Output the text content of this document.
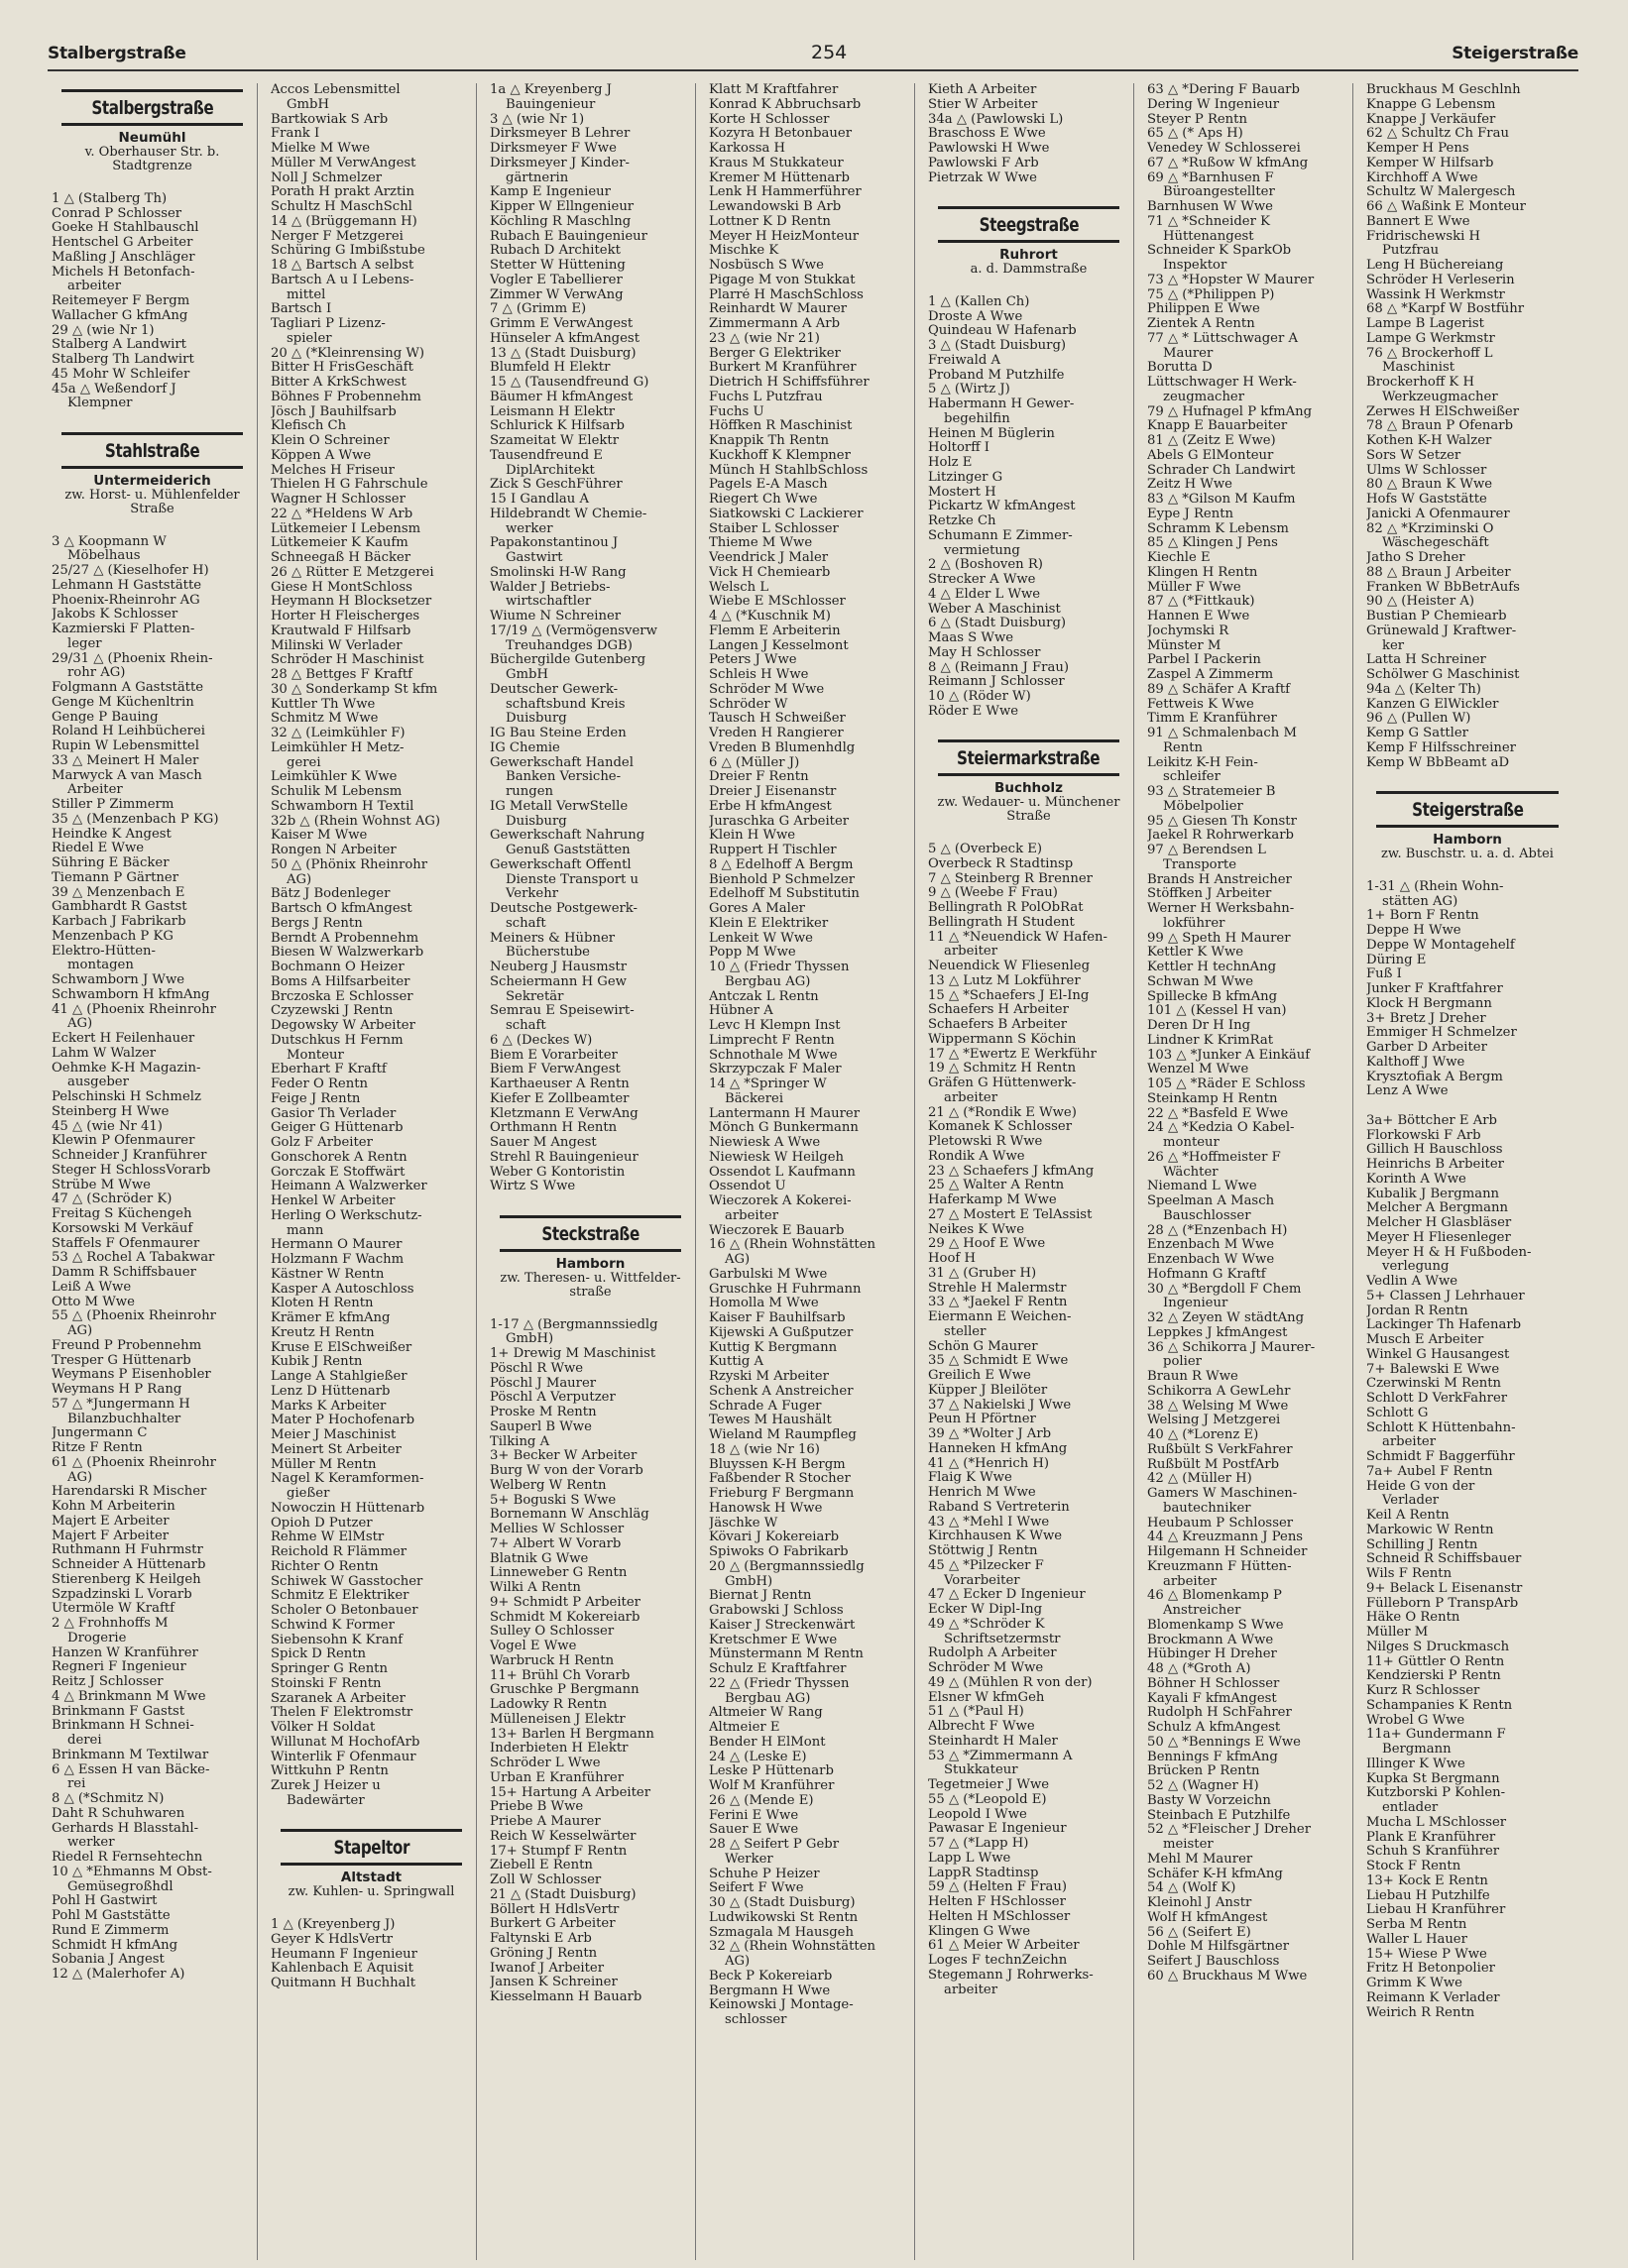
Stalbergstraße	254	Steigerstraße
Stalbergstraße
Neumühl
v. Oberhauser Str. b. Stadtgrenze
1 △ (Stalberg Th)
Conrad P Schlosser
Goeke H Stahlbauschl
Hentschel G Arbeiter
Maßling J Anschläger
Michels H Betonfach-
arbeiter
Reitemeyer F Bergm
Wallacher G kfmAng
29 △ (wie Nr 1)
Stalberg A Landwirt
Stalberg Th Landwirt
45 Mohr W Schleifer
45a △ Weßendorf J
Klempner
Stahlstraße
Untermeiderich
zw. Horst- u. Mühlenfelder Straße
3 △ Koopmann W
Möbelhaus
25/27 △ (Kieselhofer H)
Lehmann H Gaststätte
Phoenix-Rheinrohr AG
Jakobs K Schlosser
Kazmierski F Platten-
leger
29/31 △ (Phoenix Rhein-
rohr AG)
Folgmann A Gaststätte
Genge M Küchenltrin
Genge P Bauing
Roland H Leihbücherei
Rupin W Lebensmittel
33 △ Meinert H Maler
Marwyck A van Masch
Arbeiter
Stiller P Zimmerm
35 △ (Menzenbach P KG)
Heindke K Angest
Riedel E Wwe
Sühring E Bäcker
Tiemann P Gärtner
39 △ Menzenbach E
Gambhardt R Gastst
Karbach J Fabrikarb
Menzenbach P KG
Elektro-Hütten-
montagen
Schwamborn J Wwe
Schwamborn H kfmAng
41 △ (Phoenix Rheinrohr
AG)
Eckert H Feilenhauer
Lahm W Walzer
Oehmke K-H Magazin-
ausgeber
Pelschinski H Schmelz
Steinberg H Wwe
45 △ (wie Nr 41)
Klewin P Ofenmaurer
Schneider J Kranführer
Steger H SchlossVorarb
Strübe M Wwe
47 △ (Schröder K)
Freitag S Küchengeh
Korsowski M Verkäuf
Staffels F Ofenmaurer
53 △ Rochel A Tabakwar
Damm R Schiffsbauer
Leiß A Wwe
Otto M Wwe
55 △ (Phoenix Rheinrohr
AG)
Freund P Probennehm
Tresper G Hüttenarb
Weymans P Eisenhobler
Weymans H P Rang
57 △ *Jungermann H
Bilanzbuchhalter
Jungermann C
Ritze F Rentn
61 △ (Phoenix Rheinrohr
AG)
Harendarski R Mischer
Kohn M Arbeiterin
Majert E Arbeiter
Majert F Arbeiter
Ruthmann H Fuhrmstr
Schneider A Hüttenarb
Stierenberg K Heilgeh
Szpadzinski L Vorarb
Utermöle W Kraftf
2 △ Frohnhoffs M
Drogerie
Hanzen W Kranführer
Regneri F Ingenieur
Reitz J Schlosser
4 △ Brinkmann M Wwe
Brinkmann F Gastst
Brinkmann H Schnei-
derei
Brinkmann M Textilwar
6 △ Essen H van Bäcke-
rei
8 △ (*Schmitz N)
Daht R Schuhwaren
Gerhards H Blasstahl-
werker
Riedel R Fernsehtechn
10 △ *Ehmanns M Obst-
Gemüsegroßhdl
Pohl H Gastwirt
Pohl M Gaststätte
Rund E Zimmerm
Schmidt H kfmAng
Sobania J Angest
12 △ (Malerhofer A)
Accos Lebensmittel
GmbH
Bartkowiak S Arb
Frank I
Mielke M Wwe
Müller M VerwAngest
Noll J Schmelzer
Porath H prakt Ärztin
Schultz H MaschSchl
14 △ (Brüggemann H)
Nerger F Metzgerei
Schüring G Imbißstube
18 △ Bartsch A selbst
Bartsch A u I Lebens-
mittel
Bartsch I
Tagliari P Lizenz-
spieler
20 △ (*Kleinrensing W)
Bitter H FrisGeschäft
Bitter A KrkSchwest
Böhnes F Probennehm
Jösch J Bauhilfsarb
Klefisch Ch
Klein O Schreiner
Köppen A Wwe
Melches H Friseur
Thielen H G Fahrschule
Wagner H Schlosser
22 △ *Heldens W Arb
Lütkemeier I Lebensm
Lütkemeier K Kaufm
Schneegaß H Bäcker
26 △ Rütter E Metzgerei
Giese H MontSchloss
Heymann H Blocksetzer
Horter H Fleischerges
Krautwald F Hilfsarb
Milinski W Verlader
Schröder H Maschinist
28 △ Bettges F Kraftf
30 △ Sonderkamp St kfm
Kuttler Th Wwe
Schmitz M Wwe
32 △ (Leimkühler F)
Leimkühler H Metz-
gerei
Leimkühler K Wwe
Schulik M Lebensm
Schwamborn H Textil
32b △ (Rhein Wohnst AG)
Kaiser M Wwe
Rongen N Arbeiter
50 △ (Phönix Rheinrohr
AG)
Bätz J Bodenleger
Bartsch O kfmAngest
Bergs J Rentn
Berndt A Probennehm
Biesen W Walzwerkarb
Bochmann O Heizer
Boms A Hilfsarbeiter
Brczoska E Schlosser
Czyzewski J Rentn
Degowsky W Arbeiter
Dutschkus H Fernm
Monteur
Eberhart F Kraftf
Feder O Rentn
Feige J Rentn
Gasior Th Verlader
Geiger G Hüttenarb
Golz F Arbeiter
Gonschorek A Rentn
Gorczak E Stoffwärt
Heimann A Walzwerker
Henkel W Arbeiter
Herling O Werkschutz-
mann
Hermann O Maurer
Holzmann F Wachm
Kästner W Rentn
Kasper A Autoschloss
Kloten H Rentn
Krämer E kfmAng
Kreutz H Rentn
Kruse E ElSchweißer
Kubik J Rentn
Lange A Stahlgießer
Lenz D Hüttenarb
Marks K Arbeiter
Mater P Hochofenarb
Meier J Maschinist
Meinert St Arbeiter
Müller M Rentn
Nagel K Keramformen-
gießer
Nowoczin H Hüttenarb
Opioh D Putzer
Rehme W ElMstr
Reichold R Flämmer
Richter O Rentn
Schiwek W Gasstocher
Schmitz E Elektriker
Scholer O Betonbauer
Schwind K Former
Siebensohn K Kranf
Spick D Rentn
Springer G Rentn
Stoinski F Rentn
Szaranek A Arbeiter
Thelen F Elektromstr
Völker H Soldat
Willunat M HochofArb
Winterlik F Ofenmaur
Wittkuhn P Rentn
Zurek J Heizer u
Badewärter
Stapeltor
Altstadt
zw. Kuhlen- u. Springwall
1 △ (Kreyenberg J)
Geyer K HdlsVertr
Heumann F Ingenieur
Kahlenbach E Aquisit
Quitmann H Buchhalt
1a △ Kreyenberg J
Bauingenieur
3 △ (wie Nr 1)
Dirksmeyer B Lehrer
Dirksmeyer F Wwe
Dirksmeyer J Kinder-
gärtnerin
Kamp E Ingenieur
Kipper W Ellngenieur
Köchling R Maschlng
Rubach E Bauingenieur
Rubach D Architekt
Stetter W Hüttening
Vogler E Tabellierer
Zimmer W VerwAng
7 △ (Grimm E)
Grimm E VerwAngest
Hünseler A kfmAngest
13 △ (Stadt Duisburg)
Blumfeld H Elektr
15 △ (Tausendfreund G)
Bäumer H kfmAngest
Leismann H Elektr
Schlurick K Hilfsarb
Szameitat W Elektr
Tausendfreund E
DiplArchitekt
Zick S GeschFührer
15 I Gandlau A
Hildebrandt W Chemie-
werker
Papakonstantinou J
Gastwirt
Smolinski H-W Rang
Walder J Betriebs-
wirtschaftler
Wiume N Schreiner
17/19 △ (Vermögensverw
Treuhandges DGB)
Büchergilde Gutenberg
GmbH
Deutscher Gewerk-
schaftsbund Kreis
Duisburg
IG Bau Steine Erden
IG Chemie
Gewerkschaft Handel
Banken Versiche-
rungen
IG Metall VerwStelle
Duisburg
Gewerkschaft Nahrung
Genuß Gaststätten
Gewerkschaft Öffentl
Dienste Transport u
Verkehr
Deutsche Postgewerk-
schaft
Meiners & Hübner
Bücherstube
Neuberg J Hausmstr
Scheiermann H Gew
Sekretär
Semrau E Speisewirt-
schaft
6 △ (Deckes W)
Biem E Vorarbeiter
Biem F VerwAngest
Karthaeuser A Rentn
Kiefer E Zollbeamter
Kletzmann E VerwAng
Orthmann H Rentn
Sauer M Angest
Strehl R Bauingenieur
Weber G Kontoristin
Wirtz S Wwe
Steckstraße
Hamborn
zw. Theresen- u. Wittfelder-straße
1-17 △ (Bergmannssiedlg
GmbH)
1+ Drewig M Maschinist
Pöschl R Wwe
Pöschl J Maurer
Pöschl A Verputzer
Proske M Rentn
Sauperl B Wwe
Tilking A
3+ Becker W Arbeiter
Burg W von der Vorarb
Welberg W Rentn
5+ Boguski S Wwe
Bornemann W Anschläg
Mellies W Schlosser
7+ Albert W Vorarb
Blatnik G Wwe
Linneweber G Rentn
Wilki A Rentn
9+ Schmidt P Arbeiter
Schmidt M Kokereiarb
Sulley O Schlosser
Vogel E Wwe
Warbruck H Rentn
11+ Brühl Ch Vorarb
Gruschke P Bergmann
Ladowky R Rentn
Mülleneisen J Elektr
13+ Barlen H Bergmann
Inderbieten H Elektr
Schröder L Wwe
Urban E Kranführer
15+ Hartung A Arbeiter
Priebe B Wwe
Priebe A Maurer
Reich W Kesselwärter
17+ Stumpf F Rentn
Ziebell E Rentn
Zoll W Schlosser
21 △ (Stadt Duisburg)
Böllert H HdlsVertr
Burkert G Arbeiter
Faltynski E Arb
Gröning J Rentn
Iwanof J Arbeiter
Jansen K Schreiner
Kiesselmann H Bauarb
Klatt M Kraftfahrer
Konrad K Abbruchsarb
Korte H Schlosser
Kozyra H Betonbauer
Karkossa H
Kraus M Stukkateur
Kremer M Hüttenarb
Lenk H Hammerführer
Lewandowski B Arb
Lottner K D Rentn
Meyer H HeizMonteur
Mischke K
Nosbüsch S Wwe
Pigage M von Stukkat
Plarré H MaschSchloss
Reinhardt W Maurer
Zimmermann A Arb
23 △ (wie Nr 21)
Berger G Elektriker
Burkert M Kranführer
Dietrich H Schiffsführer
Fuchs L Putzfrau
Fuchs U
Höffken R Maschinist
Knappik Th Rentn
Kuckhoff K Klempner
Münch H StahlbSchloss
Pagels E-A Masch
Riegert Ch Wwe
Siatkowski C Lackierer
Staiber L Schlosser
Thieme M Wwe
Veendrick J Maler
Vick H Chemiearb
Welsch L
Wiebe E MSchlosser
4 △ (*Kuschnik M)
Flemm E Arbeiterin
Langen J Kesselmont
Peters J Wwe
Schleis H Wwe
Schröder M Wwe
Schröder W
Tausch H Schweißer
Vreden H Rangierer
Vreden B Blumenhdlg
6 △ (Müller J)
Dreier F Rentn
Dreier J Eisenanstr
Erbe H kfmAngest
Juraschka G Arbeiter
Klein H Wwe
Ruppert H Tischler
8 △ Edelhoff A Bergm
Bienhold P Schmelzer
Edelhoff M Substitutin
Gores A Maler
Klein E Elektriker
Lenkeit W Wwe
Popp M Wwe
10 △ (Friedr Thyssen
Bergbau AG)
Antczak L Rentn
Hübner A
Levc H Klempn Inst
Limprecht F Rentn
Schnothale M Wwe
Skrzypczak F Maler
14 △ *Springer W
Bäckerei
Lantermann H Maurer
Mönch G Bunkermann
Niewiesk A Wwe
Niewiesk W Heilgeh
Ossendot L Kaufmann
Ossendot U
Wieczorek A Kokerei-
arbeiter
Wieczorek E Bauarb
16 △ (Rhein Wohnstätten
AG)
Garbulski M Wwe
Gruschke H Fuhrmann
Homolla M Wwe
Kaiser F Bauhilfsarb
Kijewski A Gußputzer
Kuttig K Bergmann
Kuttig A
Rzyski M Arbeiter
Schenk A Anstreicher
Schrade A Fuger
Tewes M Haushält
Wieland M Raumpfleg
18 △ (wie Nr 16)
Bluyssen K-H Bergm
Faßbender R Stocher
Frieburg F Bergmann
Hanowsk H Wwe
Jäschke W
Kövari J Kokereiarb
Spiwoks O Fabrikarb
20 △ (Bergmannssiedlg
GmbH)
Biernat J Rentn
Grabowski J Schloss
Kaiser J Streckenwärt
Kretschmer E Wwe
Münstermann M Rentn
Schulz E Kraftfahrer
22 △ (Friedr Thyssen
Bergbau AG)
Altmeier W Rang
Altmeier E
Bender H ElMont
24 △ (Leske E)
Leske P Hüttenarb
Wolf M Kranführer
26 △ (Mende E)
Ferini E Wwe
Sauer E Wwe
28 △ Seifert P Gebr
Werker
Schuhe P Heizer
Seifert F Wwe
30 △ (Stadt Duisburg)
Ludwikowski St Rentn
Szmagala M Hausgeh
32 △ (Rhein Wohnstätten
AG)
Beck P Kokereiarb
Bergmann H Wwe
Keinowski J Montage-
schlosser
Kieth A Arbeiter
Stier W Arbeiter
34a △ (Pawlowski L)
Braschoss E Wwe
Pawlowski H Wwe
Pawlowski F Arb
Pietrzak W Wwe
Steegstraße
Ruhrort
a. d. Dammstraße
1 △ (Kallen Ch)
Droste A Wwe
Quindeau W Hafenarb
3 △ (Stadt Duisburg)
Freiwald A
Proband M Putzhilfe
5 △ (Wirtz J)
Habermann H Gewer-
begehilfin
Heinen M Büglerin
Holtorff I
Holz E
Litzinger G
Mostert H
Pickartz W kfmAngest
Retzke Ch
Schumann E Zimmer-
vermietung
2 △ (Boshoven R)
Strecker A Wwe
4 △ Elder L Wwe
Weber A Maschinist
6 △ (Stadt Duisburg)
Maas S Wwe
May H Schlosser
8 △ (Reimann J Frau)
Reimann J Schlosser
10 △ (Röder W)
Röder E Wwe
Steiermarkstraße
Buchholz
zw. Wedauer- u. Münchener Straße
5 △ (Overbeck E)
Overbeck R Stadtinsp
7 △ Steinberg R Brenner
9 △ (Weebe F Frau)
Bellingrath R PolObRat
Bellingrath H Student
11 △ *Neuendick W Hafen-
arbeiter
Neuendick W Fliesenleg
13 △ Lutz M Lokführer
15 △ *Schaefers J El-Ing
Schaefers H Arbeiter
Schaefers B Arbeiter
Wippermann S Köchin
17 △ *Ewertz E Werkführ
19 △ Schmitz H Rentn
Gräfen G Hüttenwerk-
arbeiter
21 △ (*Rondik E Wwe)
Komanek K Schlosser
Pletowski R Wwe
Rondik A Wwe
23 △ Schaefers J kfmAng
25 △ Walter A Rentn
Haferkamp M Wwe
27 △ Mostert E TelAssist
Neikes K Wwe
29 △ Hoof E Wwe
Hoof H
31 △ (Gruber H)
Strehle H Malermstr
33 △ *Jaekel F Rentn
Eiermann E Weichen-
steller
Schön G Maurer
35 △ Schmidt E Wwe
Greilich E Wwe
Küpper J Bleilöter
37 △ Nakielski J Wwe
Peun H Pförtner
39 △ *Wolter J Arb
Hanneken H kfmAng
41 △ (*Henrich H)
Flaig K Wwe
Henrich M Wwe
Raband S Vertreterin
43 △ *Mehl I Wwe
Kirchhausen K Wwe
Stöttwig J Rentn
45 △ *Pilzecker F
Vorarbeiter
47 △ Ecker D Ingenieur
Ecker W Dipl-Ing
49 △ *Schröder K
Schriftsetzermstr
Rudolph A Arbeiter
Schröder M Wwe
49 △ (Mühlen R von der)
Elsner W kfmGeh
51 △ (*Paul H)
Albrecht F Wwe
Steinhardt H Maler
53 △ *Zimmermann A
Stukkateur
Tegetmeier J Wwe
55 △ (*Leopold E)
Leopold I Wwe
Pawasar E Ingenieur
57 △ (*Lapp H)
Lapp L Wwe
LappR Stadtinsp
59 △ (Helten F Frau)
Helten F HSchlosser
Helten H MSchlosser
Klingen G Wwe
61 △ Meier W Arbeiter
Loges F technZeichn
Stegemann J Rohrwerks-
arbeiter
63 △ *Dering F Bauarb
Dering W Ingenieur
Steyer P Rentn
65 △ (* Aps H)
Venedey W Schlosserei
67 △ *Rußow W kfmAng
69 △ *Barnhusen F
Büroangestellter
Barnhusen W Wwe
71 △ *Schneider K
Hüttenangest
Schneider K SparkOb
Inspektor
73 △ *Hopster W Maurer
75 △ (*Philippen P)
Philippen E Wwe
Zientek A Rentn
77 △ * Lüttschwager A
Maurer
Borutta D
Lüttschwager H Werk-
zeugmacher
79 △ Hufnagel P kfmAng
Knapp E Bauarbeiter
81 △ (Zeitz E Wwe)
Abels G ElMonteur
Schrader Ch Landwirt
Zeitz H Wwe
83 △ *Gilson M Kaufm
Eype J Rentn
Schramm K Lebensm
85 △ Klingen J Pens
Kiechle E
Klingen H Rentn
Müller F Wwe
87 △ (*Fittkauk)
Hannen E Wwe
Jochymski R
Münster M
Parbel I Packerin
Zaspel A Zimmerm
89 △ Schäfer A Kraftf
Fettweis K Wwe
Timm E Kranführer
91 △ Schmalenbach M
Rentn
Leikitz K-H Fein-
schleifer
93 △ Stratemeier B
Möbelpolier
95 △ Giesen Th Konstr
Jaekel R Rohrwerkarb
97 △ Berendsen L
Transporte
Brands H Anstreicher
Stöffken J Arbeiter
Werner H Werksbahn-
lokführer
99 △ Speth H Maurer
Kettler K Wwe
Kettler H technAng
Schwan M Wwe
Spillecke B kfmAng
101 △ (Kessel H van)
Deren Dr H Ing
Lindner K KrimRat
103 △ *Junker A Einkäuf
Wenzel M Wwe
105 △ *Räder E Schloss
Steinkamp H Rentn
22 △ *Basfeld E Wwe
24 △ *Kedzia O Kabel-
monteur
26 △ *Hoffmeister F
Wächter
Niemand L Wwe
Speelman A Masch
Bauschlosser
28 △ (*Enzenbach H)
Enzenbach M Wwe
Enzenbach W Wwe
Hofmann G Kraftf
30 △ *Bergdoll F Chem
Ingenieur
32 △ Zeyen W städtAng
Leppkes J kfmAngest
36 △ Schikorra J Maurer-
polier
Braun R Wwe
Schikorra A GewLehr
38 △ Welsing M Wwe
Welsing J Metzgerei
40 △ (*Lorenz E)
Rußbült S VerkFahrer
Rußbült M PostfArb
42 △ (Müller H)
Gamers W Maschinen-
bautechniker
Heubaum P Schlosser
44 △ Kreuzmann J Pens
Hilgemann H Schneider
Kreuzmann F Hütten-
arbeiter
46 △ Blomenkamp P
Anstreicher
Blomenkamp S Wwe
Brockmann A Wwe
Hübinger H Dreher
48 △ (*Groth A)
Böhner H Schlosser
Kayali F kfmAngest
Rudolph H SchFahrer
Schulz A kfmAngest
50 △ *Bennings E Wwe
Bennings F kfmAng
Brücken P Rentn
52 △ (Wagner H)
Basty W Vorzeichn
Steinbach E Putzhilfe
52 △ *Fleischer J Dreher
meister
Mehl M Maurer
Schäfer K-H kfmAng
54 △ (Wolf K)
Kleinohl J Anstr
Wolf H kfmAngest
56 △ (Seifert E)
Dohle M Hilfsgärtner
Seifert J Bauschloss
60 △ Bruckhaus M Wwe
Bruckhaus M Geschlnh
Knappe G Lebensm
Knappe J Verkäufer
62 △ Schultz Ch Frau
Kemper H Pens
Kemper W Hilfsarb
Kirchhoff A Wwe
Schultz W Malergesch
66 △ Waßink E Monteur
Bannert E Wwe
Fridrischewski H
Putzfrau
Leng H Büchereiang
Schröder H Verleserin
Wassink H Werkmstr
68 △ *Karpf W Bostführ
Lampe B Lagerist
Lampe G Werkmstr
76 △ Brockerhoff L
Maschinist
Brockerhoff K H
Werkzeugmacher
Zerwes H ElSchweißer
78 △ Braun P Ofenarb
Kothen K-H Walzer
Sors W Setzer
Ulms W Schlosser
80 △ Braun K Wwe
Hofs W Gaststätte
Janicki A Ofenmaurer
82 △ *Krziminski O
Wäschegeschäft
Jatho S Dreher
88 △ Braun J Arbeiter
Franken W BbBetrAufs
90 △ (Heister A)
Bustian P Chemiearb
Grünewald J Kraftwer-
ker
Latta H Schreiner
Schölwer G Maschinist
94a △ (Kelter Th)
Kanzen G ElWickler
96 △ (Pullen W)
Kemp G Sattler
Kemp F Hilfsschreiner
Kemp W BbBeamt aD
Steigerstraße
Hamborn
zw. Buschstr. u. a. d. Abtei
1-31 △ (Rhein Wohn-
stätten AG)
1+ Born F Rentn
Deppe H Wwe
Deppe W Montagehelf
Düring E
Fuß I
Junker F Kraftfahrer
Klock H Bergmann
3+ Bretz J Dreher
Emmiger H Schmelzer
Garber D Arbeiter
Kalthoff J Wwe
Krysztofiak A Bergm
Lenz A Wwe
3a+ Böttcher E Arb
Florkowski F Arb
Gillich H Bauschloss
Heinrichs B Arbeiter
Korinth A Wwe
Kubalik J Bergmann
Melcher A Bergmann
Melcher H Glasbläser
Meyer H Fliesenleger
Meyer H & H Fußboden-
verlegung
Vedlin A Wwe
5+ Classen J Lehrhauer
Jordan R Rentn
Lackinger Th Hafenarb
Musch E Arbeiter
Winkel G Hausangest
7+ Balewski E Wwe
Czerwinski M Rentn
Schlott D VerkFahrer
Schlott G
Schlott K Hüttenbahn-
arbeiter
Schmidt F Baggerführ
7a+ Aubel F Rentn
Heide G von der
Verlader
Keil A Rentn
Markowic W Rentn
Schilling J Rentn
Schneid R Schiffsbauer
Wils F Rentn
9+ Belack L Eisenanstr
Fülleborn P TranspArb
Häke O Rentn
Müller M
Nilges S Druckmasch
11+ Güttler O Rentn
Kendzierski P Rentn
Kurz R Schlosser
Schampanies K Rentn
Wrobel G Wwe
11a+ Gundermann F
Bergmann
Illinger K Wwe
Kupka St Bergmann
Kutzborski P Kohlen-
entlader
Mucha L MSchlosser
Plank E Kranführer
Schuh S Kranführer
Stock F Rentn
13+ Kock E Rentn
Liebau H Putzhilfe
Liebau H Kranführer
Serba M Rentn
Waller L Hauer
15+ Wiese P Wwe
Fritz H Betonpolier
Grimm K Wwe
Reimann K Verlader
Weirich R Rentn
